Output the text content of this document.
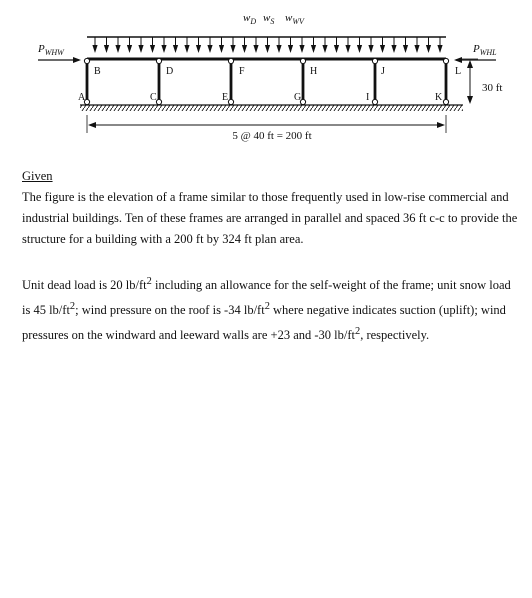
$w_D$ $w_S$ $w_{WV}$
$P_{WHW}$	$P_{WHL}$
30 ft
5 @ 40 ft = 200 ft
B	D	F	H	J	L
A	C	E	G	I	K

Given

The figure is the elevation of a frame similar to those frequently used in low-rise commercial and industrial buildings. Ten of these frames are arranged in parallel and spaced 36 ft c-c to provide the structure for a building with a 200 ft by 324 ft plan area.

Unit dead load is 20 $lb/ft^2$ including an allowance for the self-weight of the frame; unit snow load is 45 $lb/ft^2$; wind pressure on the roof is -34 $lb/ft^2$ where negative indicates suction (uplift); wind pressures on the windward and leeward walls are +23 and -30 $lb/ft^2$, respectively.
